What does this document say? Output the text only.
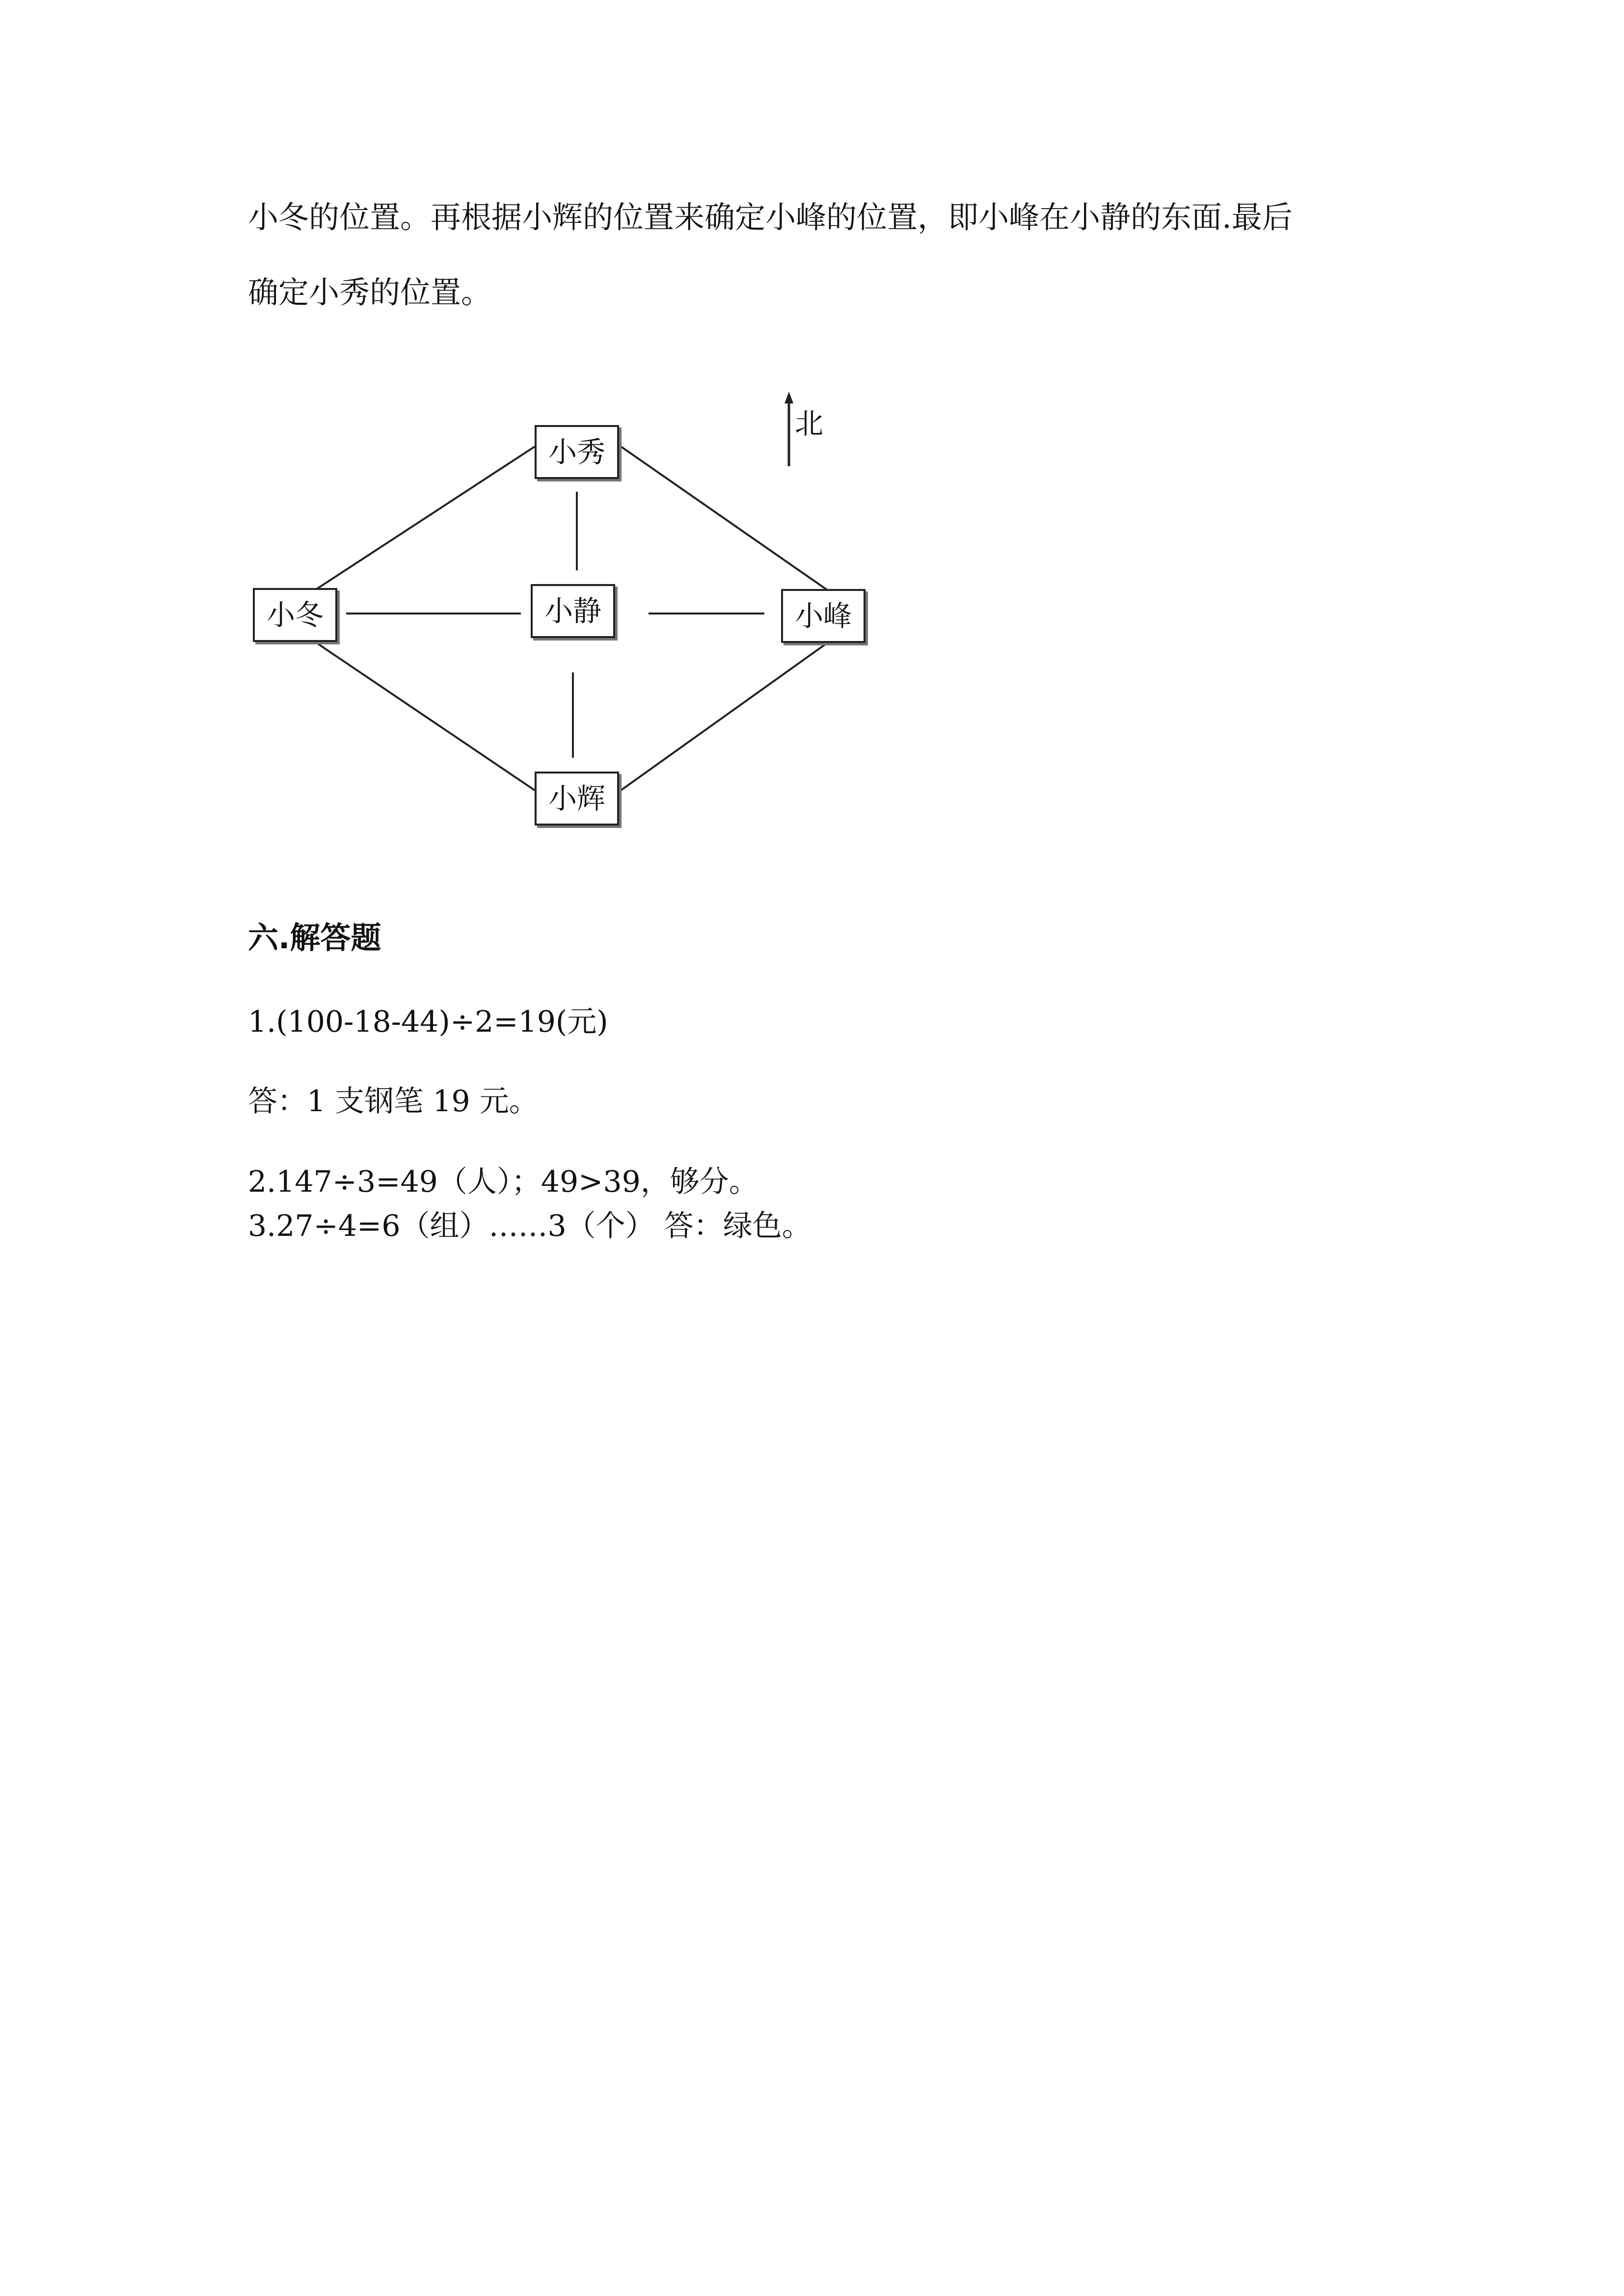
小冬的位置。再根据小辉的位置来确定小峰的位置，即小峰在小静的东面.最后
确定小秀的位置。
北
小秀
小冬	小静	小峰
小辉
六.解答题
1.(100-18-44)÷2=19(元)
答：1 支钢笔 19 元。
2.147÷3=49（人）；49>39，够分。
3.27÷4=6（组）……3（个） 答：绿色。
